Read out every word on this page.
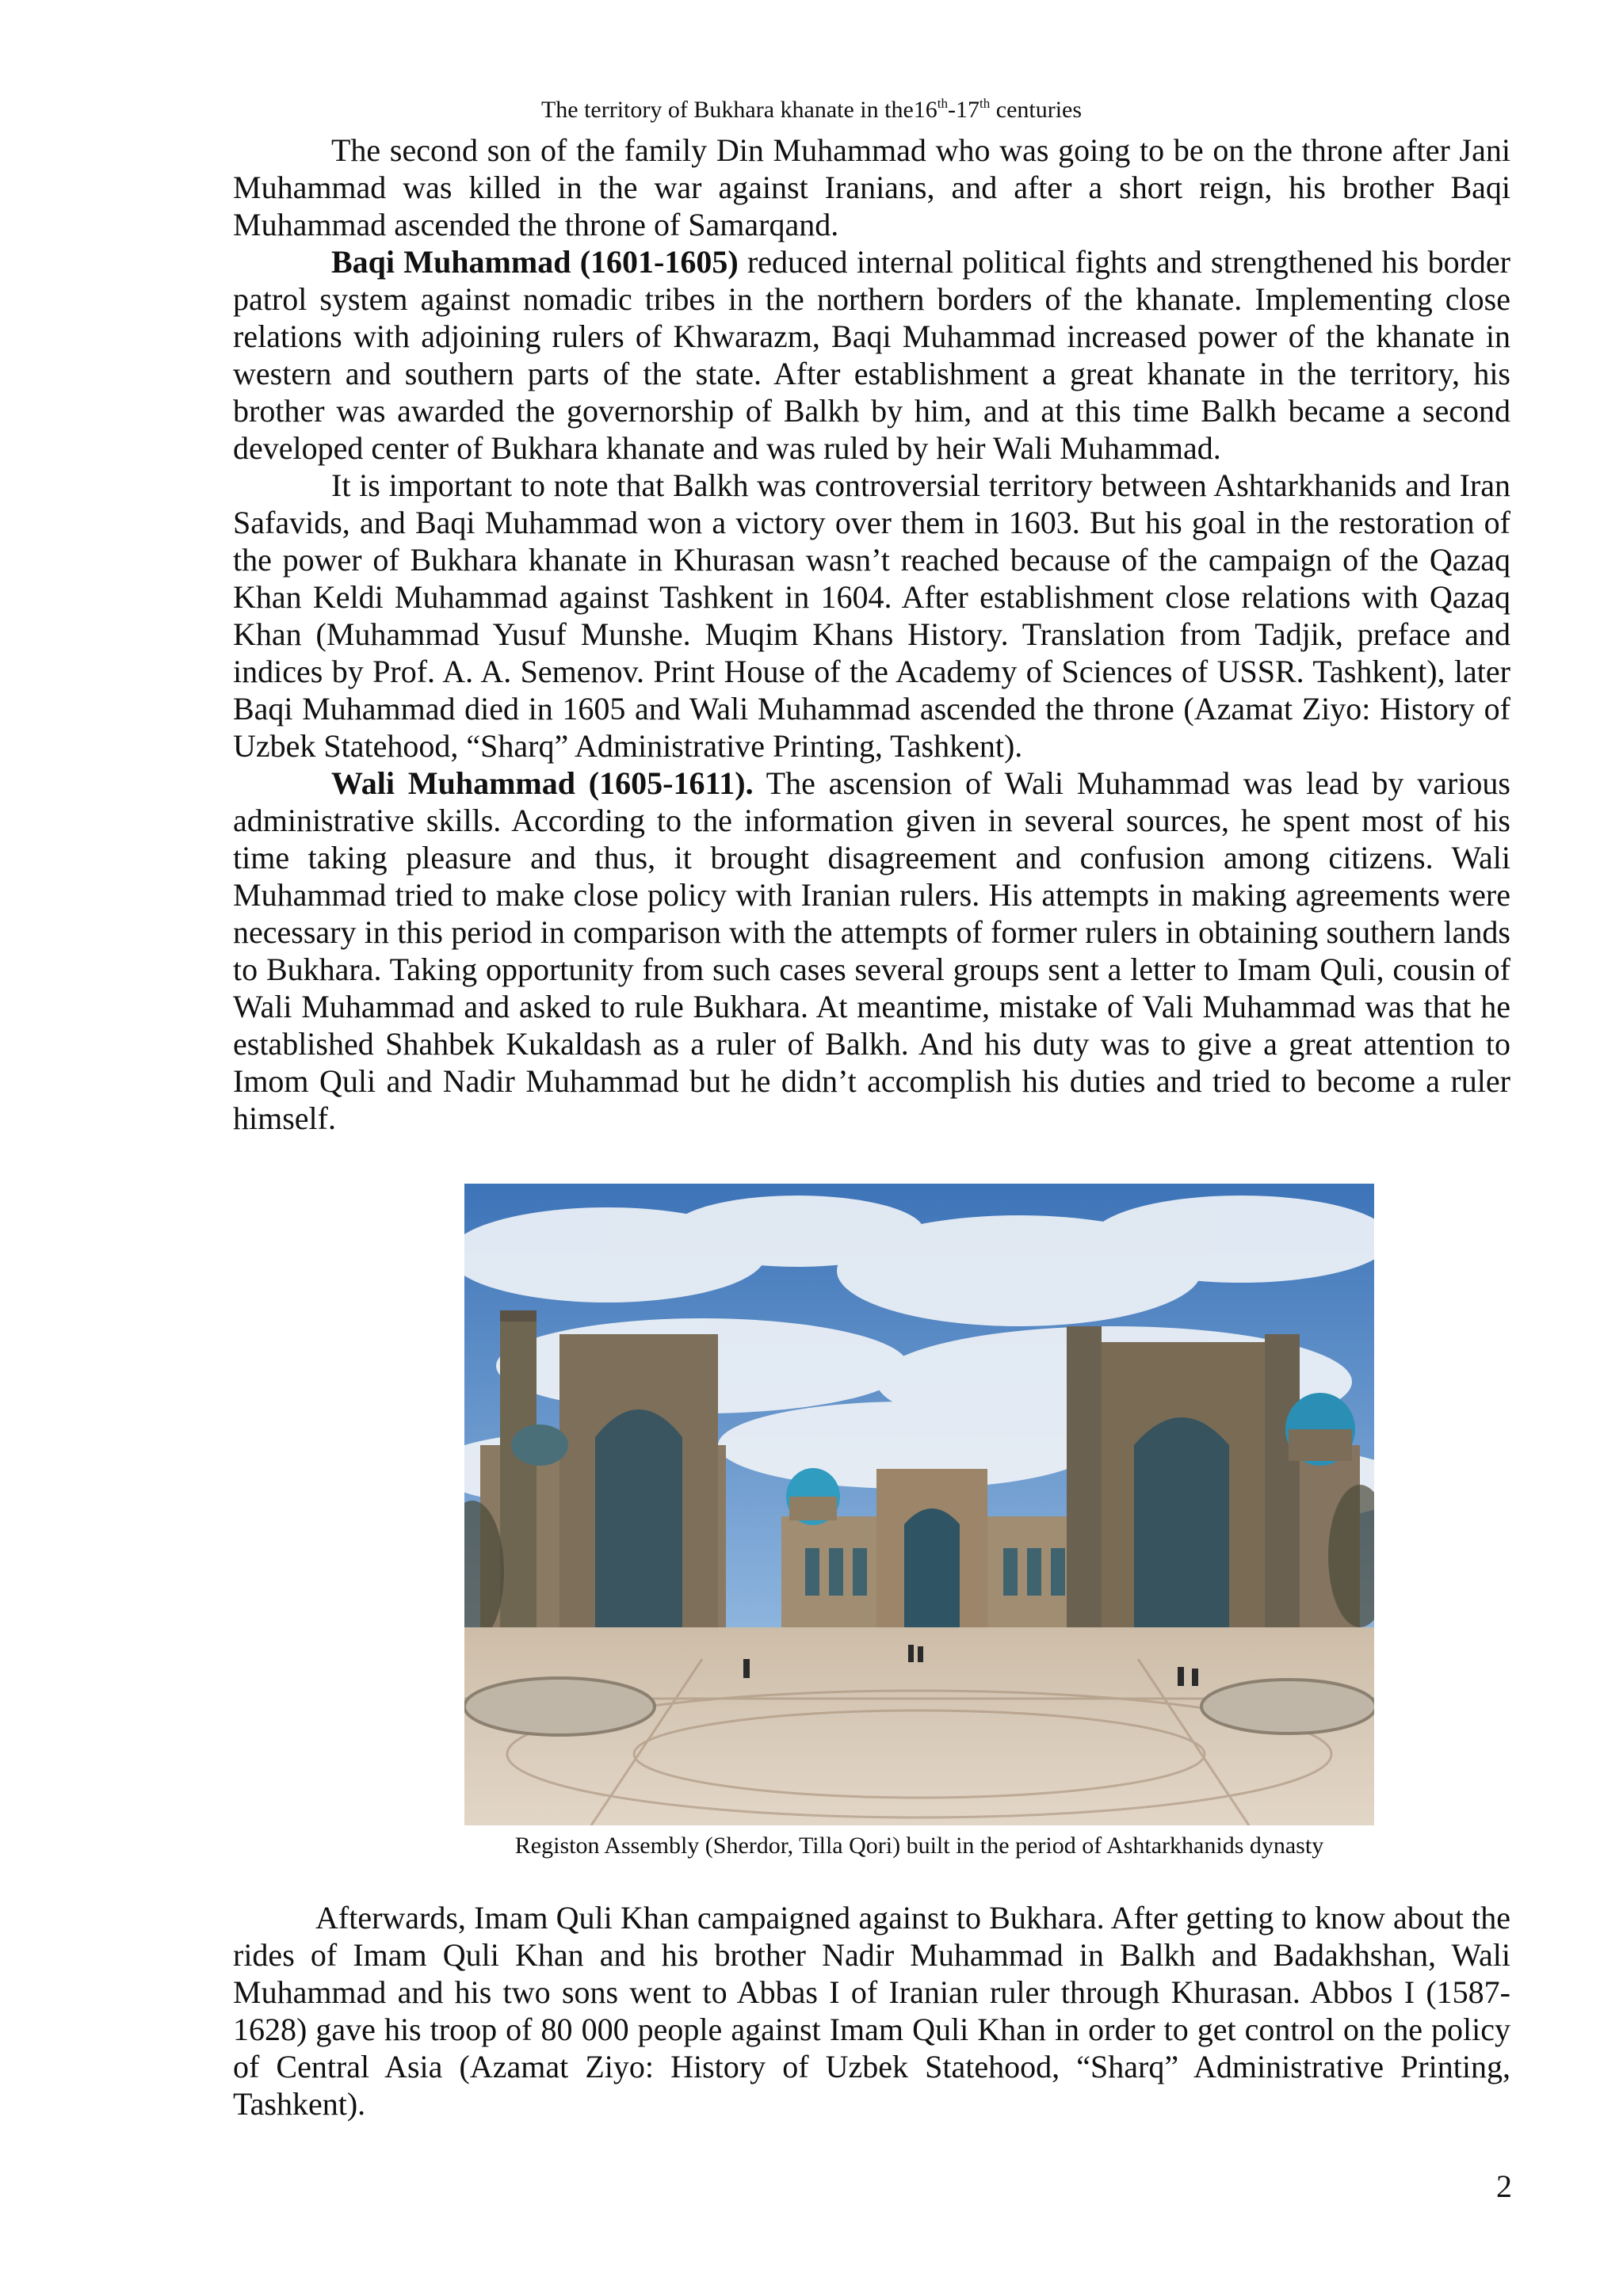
The territory of Bukhara khanate in the16th-17th centuries

The second son of the family Din Muhammad who was going to be on the throne after Jani Muhammad was killed in the war against Iranians, and after a short reign, his brother Baqi Muhammad ascended the throne of Samarqand.

Baqi Muhammad (1601-1605) reduced internal political fights and strengthened his border patrol system against nomadic tribes in the northern borders of the khanate. Implementing close relations with adjoining rulers of Khwarazm, Baqi Muhammad increased power of the khanate in western and southern parts of the state. After establishment a great khanate in the territory, his brother was awarded the governorship of Balkh by him, and at this time Balkh became a second developed center of Bukhara khanate and was ruled by heir Wali Muhammad.

It is important to note that Balkh was controversial territory between Ashtarkhanids and Iran Safavids, and Baqi Muhammad won a victory over them in 1603. But his goal in the restoration of the power of Bukhara khanate in Khurasan wasn’t reached because of the campaign of the Qazaq Khan Keldi Muhammad against Tashkent in 1604. After establishment close relations with Qazaq Khan (Muhammad Yusuf Munshe. Muqim Khans History. Translation from Tadjik, preface and indices by Prof. A. A. Semenov. Print House of the Academy of Sciences of USSR. Tashkent), later Baqi Muhammad died in 1605 and Wali Muhammad ascended the throne (Azamat Ziyo: History of Uzbek Statehood, “Sharq” Administrative Printing, Tashkent).

Wali Muhammad (1605-1611). The ascension of Wali Muhammad was lead by various administrative skills. According to the information given in several sources, he spent most of his time taking pleasure and thus, it brought disagreement and confusion among citizens. Wali Muhammad tried to make close policy with Iranian rulers. His attempts in making agreements were necessary in this period in comparison with the attempts of former rulers in obtaining southern lands to Bukhara. Taking opportunity from such cases several groups sent a letter to Imam Quli, cousin of Wali Muhammad and asked to rule Bukhara. At meantime, mistake of Vali Muhammad was that he established Shahbek Kukaldash as a ruler of Balkh. And his duty was to give a great attention to Imom Quli and Nadir Muhammad but he didn’t accomplish his duties and tried to become a ruler himself.

Registon Assembly (Sherdor, Tilla Qori) built in the period of Ashtarkhanids dynasty

Afterwards, Imam Quli Khan campaigned against to Bukhara. After getting to know about the rides of Imam Quli Khan and his brother Nadir Muhammad in Balkh and Badakhshan, Wali Muhammad and his two sons went to Abbas I of Iranian ruler through Khurasan. Abbos I (1587-1628) gave his troop of 80 000 people against Imam Quli Khan in order to get control on the policy of Central Asia (Azamat Ziyo: History of Uzbek Statehood, “Sharq” Administrative Printing, Tashkent).

2
